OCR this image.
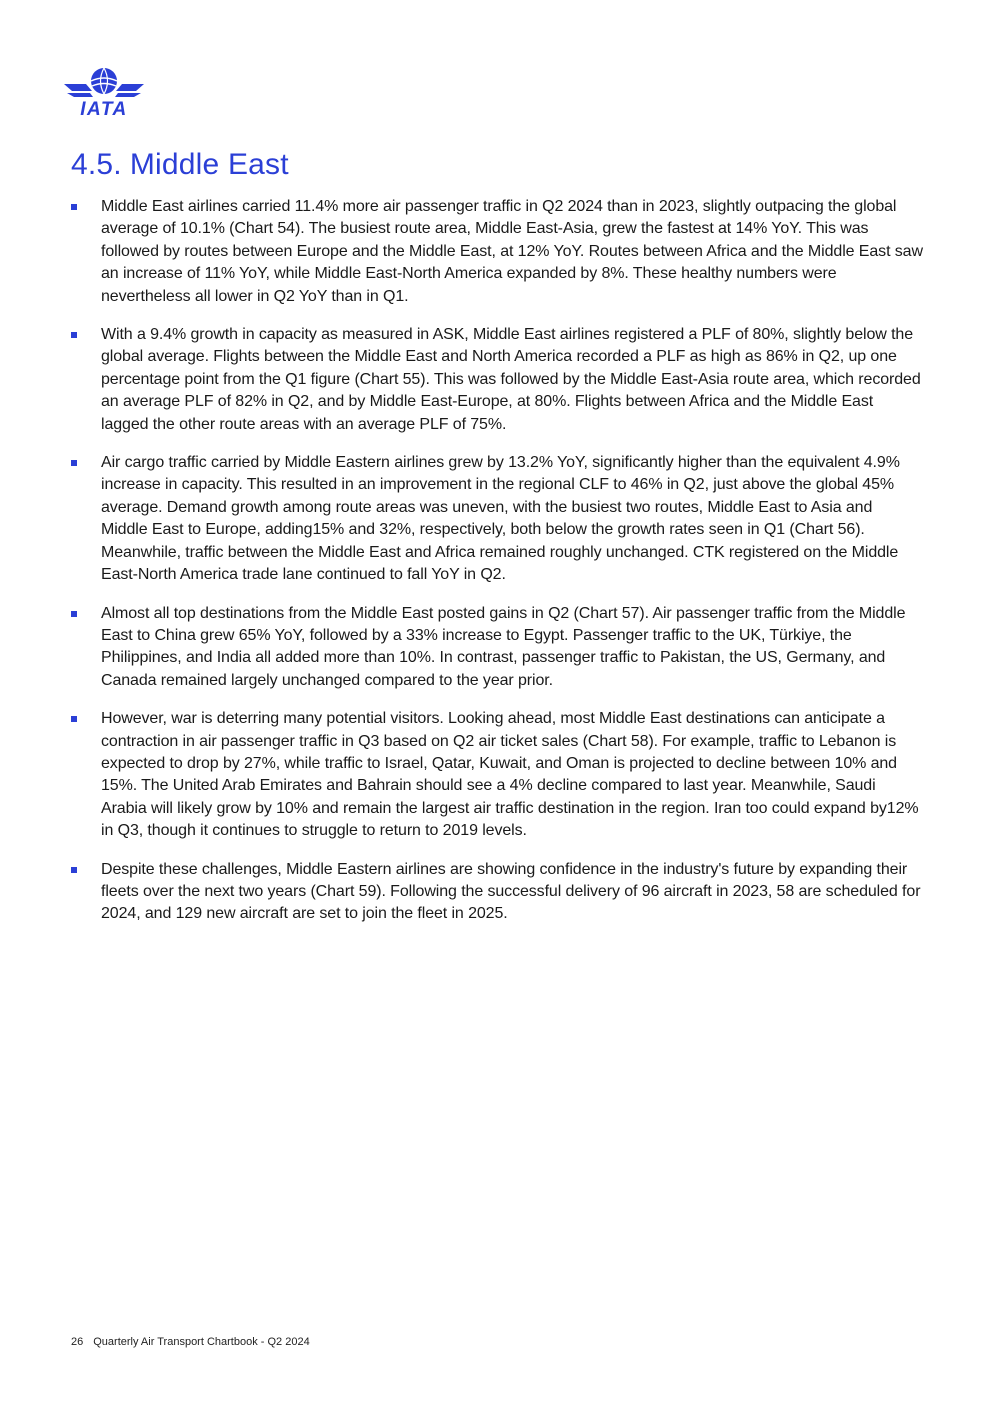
IATA
4.5. Middle East
Middle East airlines carried 11.4% more air passenger traffic in Q2 2024 than in 2023, slightly outpacing the global average of 10.1% (Chart 54). The busiest route area, Middle East-Asia, grew the fastest at 14% YoY. This was followed by routes between Europe and the Middle East, at 12% YoY. Routes between Africa and the Middle East saw an increase of 11% YoY, while Middle East-North America expanded by 8%. These healthy numbers were nevertheless all lower in Q2 YoY than in Q1.
With a 9.4% growth in capacity as measured in ASK, Middle East airlines registered a PLF of 80%, slightly below the global average. Flights between the Middle East and North America recorded a PLF as high as 86% in Q2, up one percentage point from the Q1 figure (Chart 55). This was followed by the Middle East-Asia route area, which recorded an average PLF of 82% in Q2, and by Middle East-Europe, at 80%. Flights between Africa and the Middle East lagged the other route areas with an average PLF of 75%.
Air cargo traffic carried by Middle Eastern airlines grew by 13.2% YoY, significantly higher than the equivalent 4.9% increase in capacity. This resulted in an improvement in the regional CLF to 46% in Q2, just above the global 45% average. Demand growth among route areas was uneven, with the busiest two routes, Middle East to Asia and Middle East to Europe, adding15% and 32%, respectively, both below the growth rates seen in Q1 (Chart 56). Meanwhile, traffic between the Middle East and Africa remained roughly unchanged. CTK registered on the Middle East-North America trade lane continued to fall YoY in Q2.
Almost all top destinations from the Middle East posted gains in Q2 (Chart 57). Air passenger traffic from the Middle East to China grew 65% YoY, followed by a 33% increase to Egypt. Passenger traffic to the UK, Türkiye, the Philippines, and India all added more than 10%. In contrast, passenger traffic to Pakistan, the US, Germany, and Canada remained largely unchanged compared to the year prior.
However, war is deterring many potential visitors. Looking ahead, most Middle East destinations can anticipate a contraction in air passenger traffic in Q3 based on Q2 air ticket sales (Chart 58). For example, traffic to Lebanon is expected to drop by 27%, while traffic to Israel, Qatar, Kuwait, and Oman is projected to decline between 10% and 15%. The United Arab Emirates and Bahrain should see a 4% decline compared to last year. Meanwhile, Saudi Arabia will likely grow by 10% and remain the largest air traffic destination in the region. Iran too could expand by12% in Q3, though it continues to struggle to return to 2019 levels.
Despite these challenges, Middle Eastern airlines are showing confidence in the industry's future by expanding their fleets over the next two years (Chart 59). Following the successful delivery of 96 aircraft in 2023, 58 are scheduled for 2024, and 129 new aircraft are set to join the fleet in 2025.
26 Quarterly Air Transport Chartbook - Q2 2024
